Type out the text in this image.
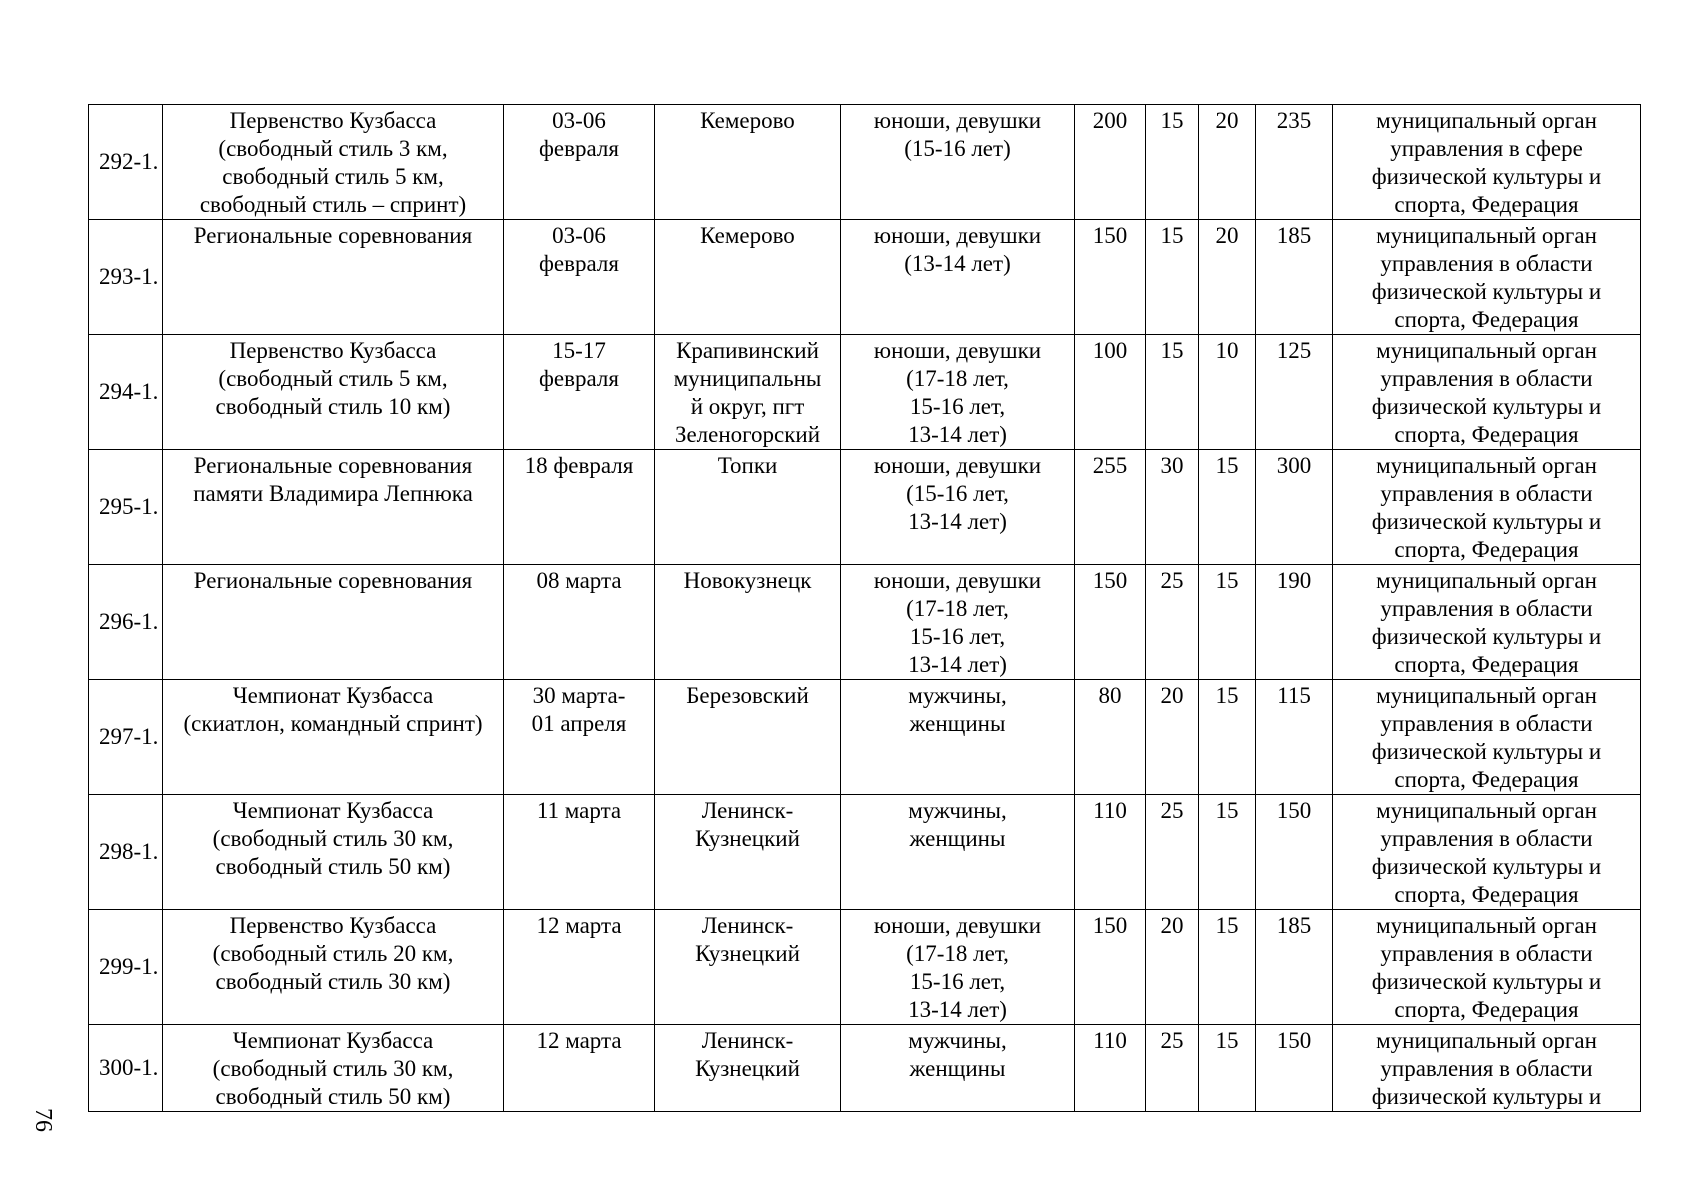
292-1.	Первенство Кузбасса
(свободный стиль 3 км,
свободный стиль 5 км,
свободный стиль – спринт)	03-06
февраля	Кемерово	юноши, девушки
(15-16 лет)	200	15	20	235	муниципальный орган
управления в сфере
физической культуры и
спорта, Федерация
293-1.	Региональные соревнования	03-06
февраля	Кемерово	юноши, девушки
(13-14 лет)	150	15	20	185	муниципальный орган
управления в области
физической культуры и
спорта, Федерация
294-1.	Первенство Кузбасса
(свободный стиль 5 км,
свободный стиль 10 км)	15-17
февраля	Крапивинский
муниципальны
й округ, пгт
Зеленогорский	юноши, девушки
(17-18 лет,
15-16 лет,
13-14 лет)	100	15	10	125	муниципальный орган
управления в области
физической культуры и
спорта, Федерация
295-1.	Региональные соревнования
памяти Владимира Лепнюка	18 февраля	Топки	юноши, девушки
(15-16 лет,
13-14 лет)	255	30	15	300	муниципальный орган
управления в области
физической культуры и
спорта, Федерация
296-1.	Региональные соревнования	08 марта	Новокузнецк	юноши, девушки
(17-18 лет,
15-16 лет,
13-14 лет)	150	25	15	190	муниципальный орган
управления в области
физической культуры и
спорта, Федерация
297-1.	Чемпионат Кузбасса
(скиатлон, командный спринт)	30 марта-
01 апреля	Березовский	мужчины,
женщины	80	20	15	115	муниципальный орган
управления в области
физической культуры и
спорта, Федерация
298-1.	Чемпионат Кузбасса
(свободный стиль 30 км,
свободный стиль 50 км)	11 марта	Ленинск-
Кузнецкий	мужчины,
женщины	110	25	15	150	муниципальный орган
управления в области
физической культуры и
спорта, Федерация
299-1.	Первенство Кузбасса
(свободный стиль 20 км,
свободный стиль 30 км)	12 марта	Ленинск-
Кузнецкий	юноши, девушки
(17-18 лет,
15-16 лет,
13-14 лет)	150	20	15	185	муниципальный орган
управления в области
физической культуры и
спорта, Федерация
300-1.	Чемпионат Кузбасса
(свободный стиль 30 км,
свободный стиль 50 км)	12 марта	Ленинск-
Кузнецкий	мужчины,
женщины	110	25	15	150	муниципальный орган
управления в области
физической культуры и
76
